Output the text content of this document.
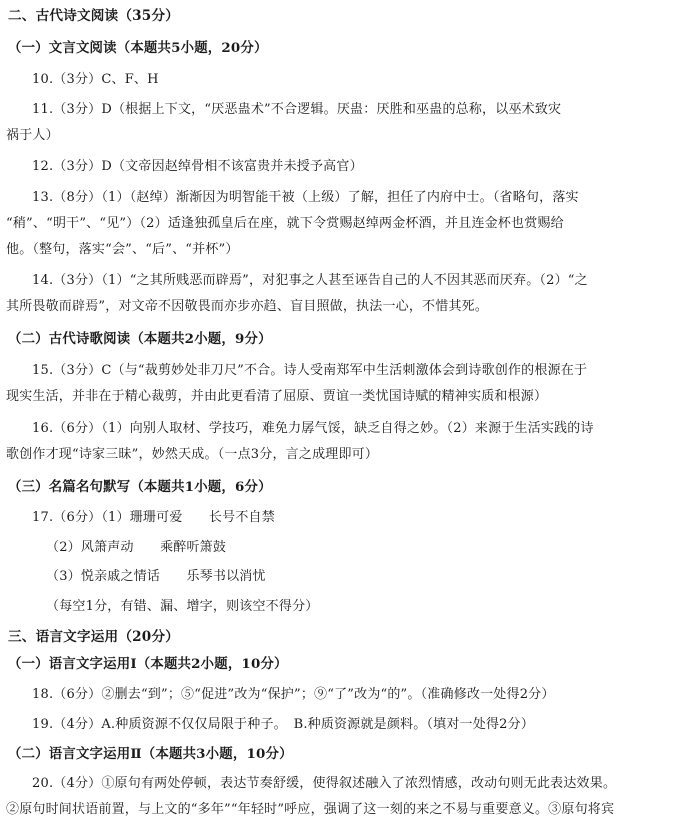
二、古代诗文阅读（35分）
（一）文言文阅读（本题共5小题，20分）
10.（3分）C、F、H
11.（3分）D（根据上下文，“厌恶蛊术”不合逻辑。厌蛊：厌胜和巫蛊的总称，以巫术致灾
祸于人）
12.（3分）D（文帝因赵绰骨相不该富贵并未授予高官）
13.（8分）（1）（赵绰）渐渐因为明智能干被（上级）了解，担任了内府中士。（省略句，落实
“稍”、“明干”、“见”）（2）适逢独孤皇后在座，就下令赏赐赵绰两金杯酒，并且连金杯也赏赐给
他。（整句，落实“会”、“后”、“并杯”）
14.（3分）（1）“之其所贱恶而辟焉”，对犯事之人甚至诬告自己的人不因其恶而厌弃。（2）“之
其所畏敬而辟焉”，对文帝不因敬畏而亦步亦趋、盲目照做，执法一心，不惜其死。
（二）古代诗歌阅读（本题共2小题，9分）
15.（3分）C（与“裁剪妙处非刀尺”不合。诗人受南郑军中生活刺激体会到诗歌创作的根源在于
现实生活，并非在于精心裁剪，并由此更看清了屈原、贾谊一类忧国诗赋的精神实质和根源）
16.（6分）（1）向别人取材、学技巧，难免力孱气馁，缺乏自得之妙。（2）来源于生活实践的诗
歌创作才现“诗家三昧”，妙然天成。（一点3分，言之成理即可）
（三）名篇名句默写（本题共1小题，6分）
17.（6分）（1）珊珊可爱　　长号不自禁
（2）风箫声动　　乘醉听箫鼓
（3）悦亲戚之情话　　乐琴书以消忧
（每空1分，有错、漏、增字，则该空不得分）
三、语言文字运用（20分）
（一）语言文字运用Ⅰ（本题共2小题，10分）
18.（6分）②删去“到”；⑤“促进”改为“保护”；⑨“了”改为“的”。（准确修改一处得2分）
19.（4分）A.种质资源不仅仅局限于种子。　B.种质资源就是颜料。（填对一处得2分）
（二）语言文字运用Ⅱ（本题共3小题，10分）
20.（4分）①原句有两处停顿，表达节奏舒缓，使得叙述融入了浓烈情感，改动句则无此表达效果。
②原句时间状语前置，与上文的“多年”“年轻时”呼应，强调了这一刻的来之不易与重要意义。③原句将宾
